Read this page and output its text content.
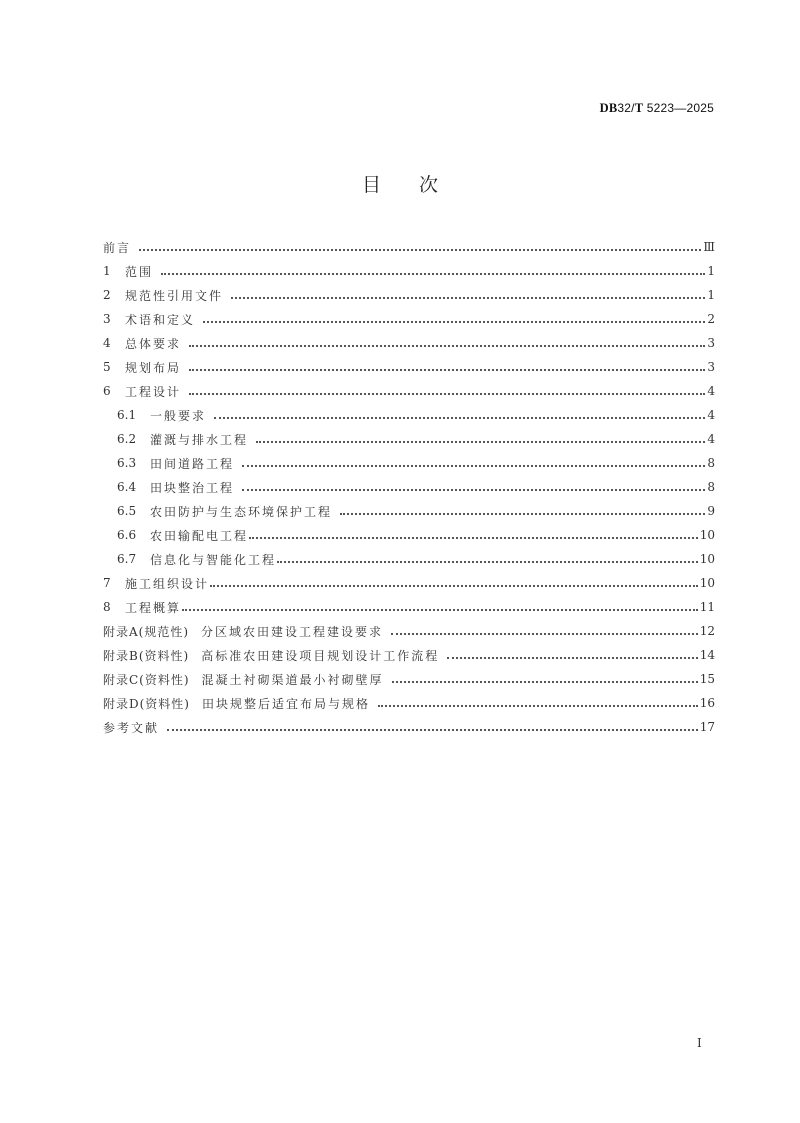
DB32/T 5223—2025
目 次
前言	Ⅲ
1	范围	1
2	规范性引用文件	1
3	术语和定义	2
4	总体要求	3
5	规划布局	3
6	工程设计	4
6.1	一般要求	4
6.2	灌溉与排水工程	4
6.3	田间道路工程	8
6.4	田块整治工程	8
6.5	农田防护与生态环境保护工程	9
6.6	农田输配电工程	10
6.7	信息化与智能化工程	10
7	施工组织设计	10
8	工程概算	11
附录A(规范性) 分区域农田建设工程建设要求	12
附录B(资料性) 高标准农田建设项目规划设计工作流程	14
附录C(资料性) 混凝土衬砌渠道最小衬砌壁厚	15
附录D(资料性) 田块规整后适宜布局与规格	16
参考文献	17
I
